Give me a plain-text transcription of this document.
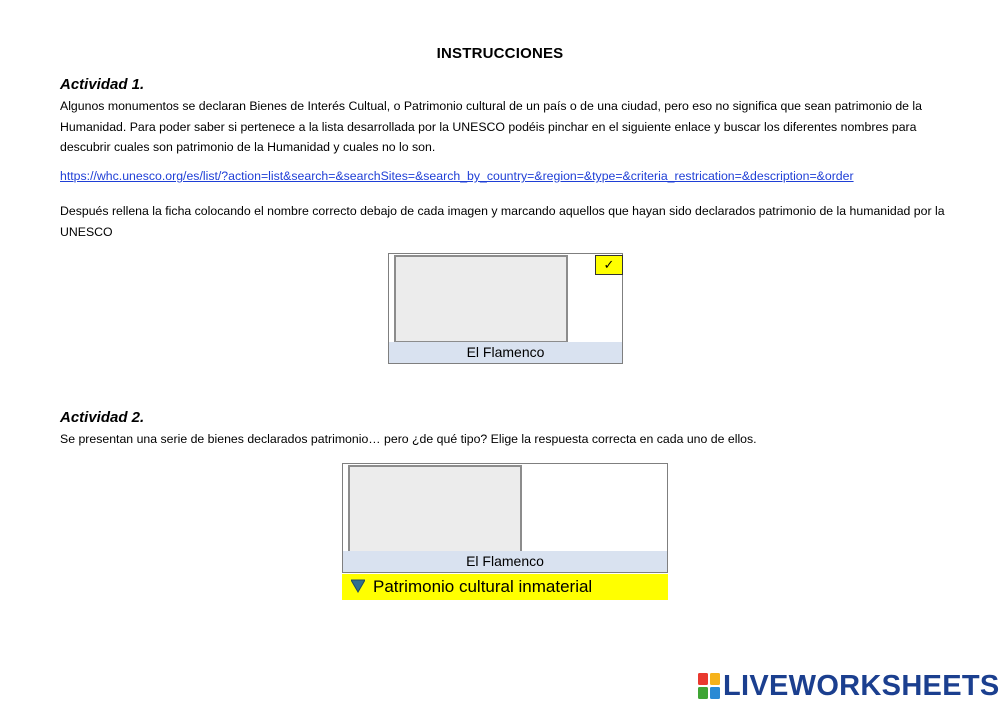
INSTRUCCIONES
Actividad 1.
Algunos monumentos se declaran Bienes de Interés Cultual, o Patrimonio cultural de un país o de una ciudad, pero eso no significa que sean patrimonio de la Humanidad. Para poder saber si pertenece a la lista desarrollada por la UNESCO podéis pinchar en el siguiente enlace y buscar los diferentes nombres para descubrir cuales son patrimonio de la Humanidad y cuales no lo son.
https://whc.unesco.org/es/list/?action=list&search=&searchSites=&search_by_country=&region=&type=&criteria_restrication=&description=&order
Después rellena la ficha colocando el nombre correcto debajo de cada imagen y marcando aquellos que hayan sido declarados patrimonio de la humanidad por la UNESCO
✓
El Flamenco
Actividad 2.
Se presentan una serie de bienes declarados patrimonio… pero ¿de qué tipo? Elige la respuesta correcta en cada uno de ellos.
El Flamenco
Patrimonio cultural inmaterial
LIVEWORKSHEETS
